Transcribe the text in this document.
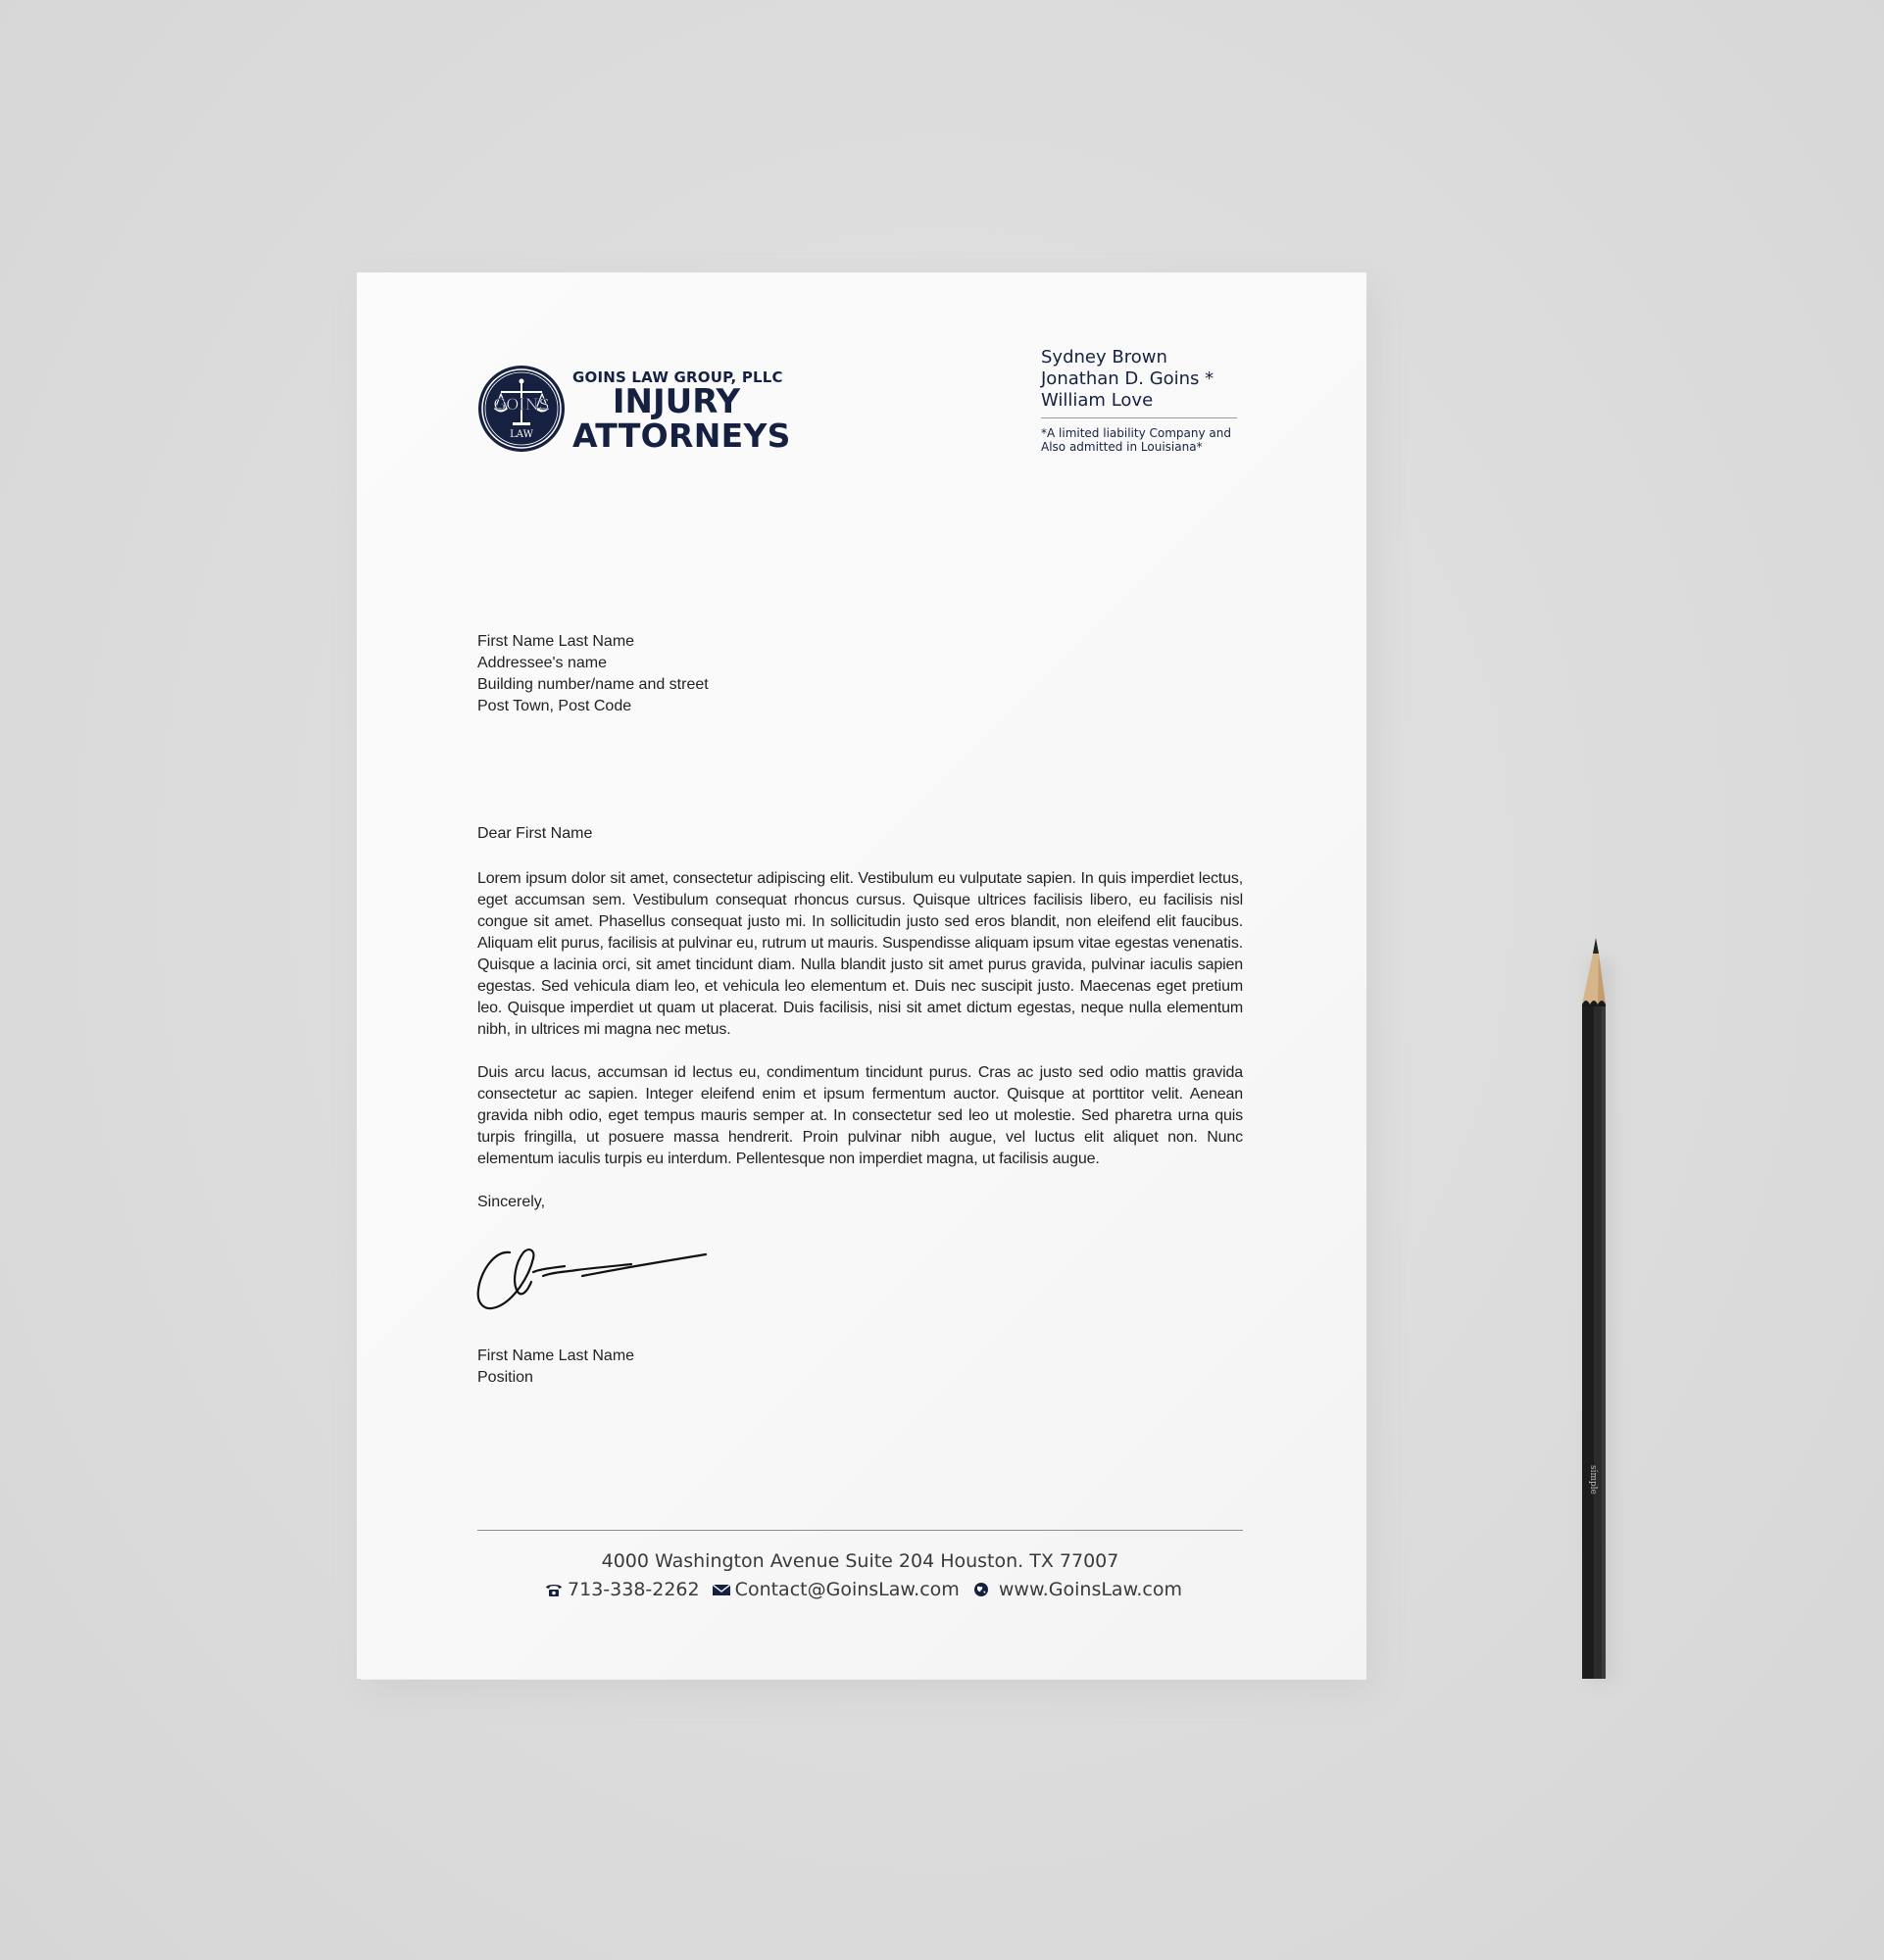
GOINS
LAW
GOINS LAW GROUP, PLLC
INJURY
ATTORNEYS
Sydney Brown
Jonathan D. Goins *
William Love
*A limited liability Company and
Also admitted in Louisiana*
First Name Last Name
Addressee's name
Building number/name and street
Post Town, Post Code
Dear First Name
Lorem ipsum dolor sit amet, consectetur adipiscing elit. Vestibulum eu vulputate sapien. In quis imperdiet lectus, eget accumsan sem. Vestibulum consequat rhoncus cursus. Quisque ultrices facilisis libero, eu facilisis nisl congue sit amet. Phasellus consequat justo mi. In sollicitudin justo sed eros blandit, non eleifend elit faucibus. Aliquam elit purus, facilisis at pulvinar eu, rutrum ut mauris. Suspendisse aliquam ipsum vitae egestas venenatis. Quisque a lacinia orci, sit amet tincidunt diam. Nulla blandit justo sit amet purus gravida, pulvinar iaculis sapien egestas. Sed vehicula diam leo, et vehicula leo elementum et. Duis nec suscipit justo. Maecenas eget pretium leo. Quisque imperdiet ut quam ut placerat. Duis facilisis, nisi sit amet dictum egestas, neque nulla elementum nibh, in ultrices mi magna nec metus.
Duis arcu lacus, accumsan id lectus eu, condimentum tincidunt purus. Cras ac justo sed odio mattis gravida consectetur ac sapien. Integer eleifend enim et ipsum fermentum auctor. Quisque at porttitor velit. Aenean gravida nibh odio, eget tempus mauris semper at. In consectetur sed leo ut molestie. Sed pharetra urna quis turpis fringilla, ut posuere massa hendrerit. Proin pulvinar nibh augue, vel luctus elit aliquet non. Nunc elementum iaculis turpis eu interdum. Pellentesque non imperdiet magna, ut facilisis augue.
Sincerely,
First Name Last Name
Position
4000 Washington Avenue Suite 204 Houston. TX 77007
713-338-2262 Contact@GoinsLaw.com www.GoinsLaw.com
simple
